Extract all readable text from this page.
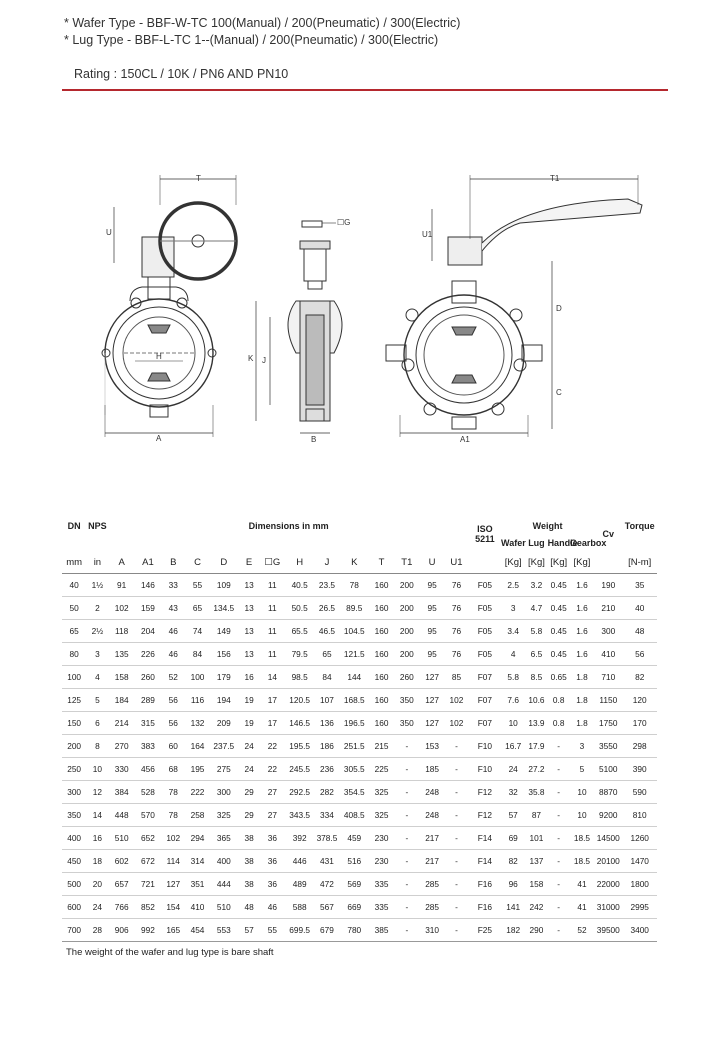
* Wafer Type - BBF-W-TC 100(Manual) / 200(Pneumatic) / 300(Electric)
* Lug Type - BBF-L-TC 1--(Manual) / 200(Pneumatic) / 300(Electric)
Rating : 150CL / 10K / PN6 AND PN10
T
U
H
A
☐G
K J
B
T1
U1
D
C
A1
DN	NPS	Dimensions in mm														ISO
5211	Weight				Cv	Torque
																	Wafer	Lug	Handle	Gearbox		
mm	in	A	A1	B	C	D	E	☐G	H	J	K	T	T1	U	U1		[Kg]	[Kg]	[Kg]	[Kg]		[N-m]
40	1½	91	146	33	55	109	13	11	40.5	23.5	78	160	200	95	76	F05	2.5	3.2	0.45	1.6	190	35
50	2	102	159	43	65	134.5	13	11	50.5	26.5	89.5	160	200	95	76	F05	3	4.7	0.45	1.6	210	40
65	2½	118	204	46	74	149	13	11	65.5	46.5	104.5	160	200	95	76	F05	3.4	5.8	0.45	1.6	300	48
80	3	135	226	46	84	156	13	11	79.5	65	121.5	160	200	95	76	F05	4	6.5	0.45	1.6	410	56
100	4	158	260	52	100	179	16	14	98.5	84	144	160	260	127	85	F07	5.8	8.5	0.65	1.8	710	82
125	5	184	289	56	116	194	19	17	120.5	107	168.5	160	350	127	102	F07	7.6	10.6	0.8	1.8	1150	120
150	6	214	315	56	132	209	19	17	146.5	136	196.5	160	350	127	102	F07	10	13.9	0.8	1.8	1750	170
200	8	270	383	60	164	237.5	24	22	195.5	186	251.5	215	-	153	-	F10	16.7	17.9	-	3	3550	298
250	10	330	456	68	195	275	24	22	245.5	236	305.5	225	-	185	-	F10	24	27.2	-	5	5100	390
300	12	384	528	78	222	300	29	27	292.5	282	354.5	325	-	248	-	F12	32	35.8	-	10	8870	590
350	14	448	570	78	258	325	29	27	343.5	334	408.5	325	-	248	-	F12	57	87	-	10	9200	810
400	16	510	652	102	294	365	38	36	392	378.5	459	230	-	217	-	F14	69	101	-	18.5	14500	1260
450	18	602	672	114	314	400	38	36	446	431	516	230	-	217	-	F14	82	137	-	18.5	20100	1470
500	20	657	721	127	351	444	38	36	489	472	569	335	-	285	-	F16	96	158	-	41	22000	1800
600	24	766	852	154	410	510	48	46	588	567	669	335	-	285	-	F16	141	242	-	41	31000	2995
700	28	906	992	165	454	553	57	55	699.5	679	780	385	-	310	-	F25	182	290	-	52	39500	3400
The weight of the wafer and lug type is bare shaft
